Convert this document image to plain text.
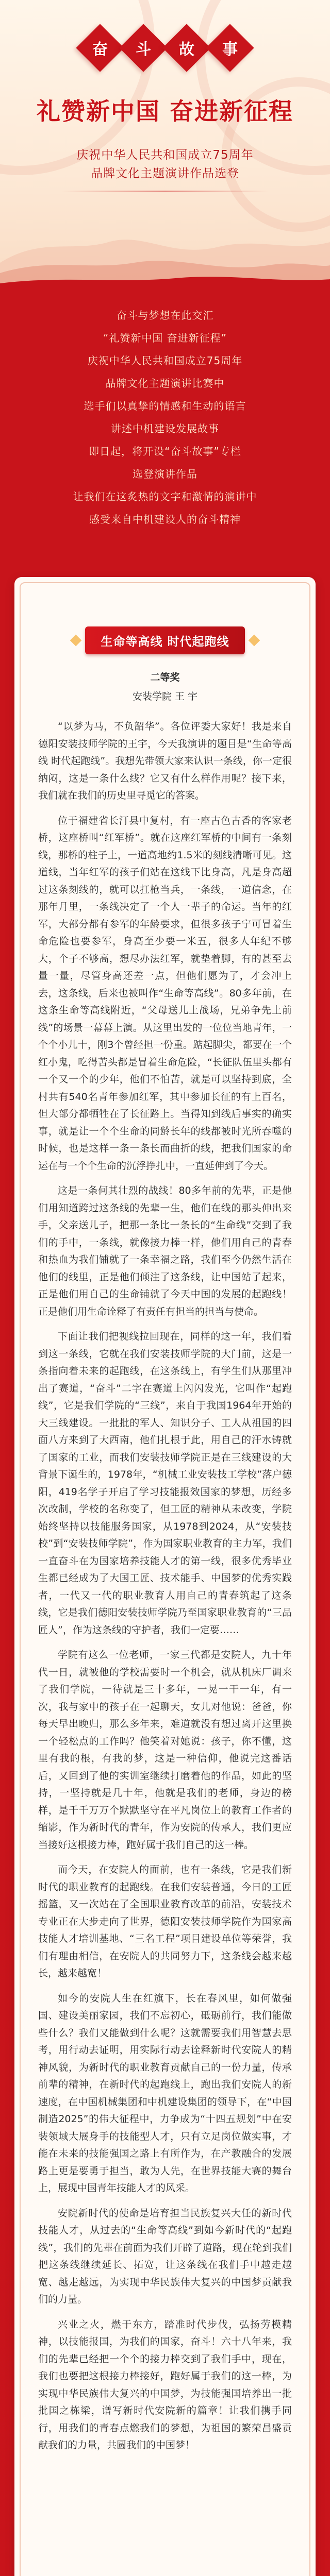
奋 斗 故 事
礼赞新中国 奋进新征程
庆祝中华人民共和国成立75周年
品牌文化主题演讲作品选登
奋斗与梦想在此交汇
“礼赞新中国 奋进新征程”
庆祝中华人民共和国成立75周年
品牌文化主题演讲比赛中
选手们以真挚的情感和生动的语言
讲述中机建设发展故事
即日起，将开设“奋斗故事”专栏
选登演讲作品
让我们在这炙热的文字和激情的演讲中
感受来自中机建设人的奋斗精神
生命等高线 时代起跑线
二等奖
安装学院 王 宇

“以梦为马，不负韶华”。各位评委大家好！我是来自德阳安装技师学院的王宇，今天我演讲的题目是“生命等高线 时代起跑线”。我想先带领大家来认识一条线，你一定很纳闷，这是一条什么线？它又有什么样作用呢？接下来，我们就在我们的历史里寻觅它的答案。

位于福建省长汀县中复村，有一座古色古香的客家老桥，这座桥叫“红军桥”。就在这座红军桥的中间有一条刻线，那桥的柱子上，一道高地约1.5米的刻线清晰可见。这道线，当年红军的孩子们站在这线下比身高，凡是身高超过这条刻线的，就可以扛枪当兵，一条线，一道信念，在那年月里，一条线决定了一个人一辈子的命运。当年的红军，大部分都有参军的年龄要求，但很多孩子宁可冒着生命危险也要参军，身高至少要一米五，很多人年纪不够大，个子不够高，想尽办法红军，就垫着脚，有的甚至去量一量，尽管身高还差一点，但他们愿为了，才会冲上去，这条线，后来也被叫作“生命等高线”。80多年前，在这条生命等高线附近，“父母送儿上战场，兄弟争先上前线”的场景一幕幕上演。从这里出发的一位位当地青年，一个个小儿十，刚3个曾经担一份重。踮起脚尖，都要在一个红小鬼，吃得苦头都是冒着生命危险，“长征队伍里头都有一个又一个的少年，他们不怕苦，就是可以坚持到底，全村共有540名青年参加红军，其中参加长征的有上百名，但大部分都牺牲在了长征路上。当得知到线后事实的确实事，就是让一个个生命的同龄长年的线都被时光所吞噬的时候，也是这样一条一条长而曲折的线，把我们国家的命运在与一个个生命的沉浮挣扎中，一直延伸到了今天。

这是一条何其壮烈的战线！80多年前的先辈，正是他们用知道跨过这条线的先辈一生，他们在线的那头伸出来手，父亲送儿子，把那一条比一条长的“生命线”交到了我们的手中，一条线，就像接力棒一样，他们用自己的青春和热血为我们铺就了一条幸福之路，我们至今仍然生活在他们的线里，正是他们倾注了这条线，让中国站了起来，正是他们用自己的生命铺就了今天中国的发展的起跑线！正是他们用生命诠释了有责任有担当的担当与使命。

下面让我们把视线拉回现在，同样的这一年，我们看到这一条线，它就在我们安装技师学院的大门前，这是一条指向着未来的起跑线，在这条线上，有学生们从那里冲出了赛道，“奋斗”二字在赛道上闪闪发光，它叫作“起跑线”，它是我们学院的“三线”，来自于我国1964年开始的大三线建设。一批批的军人、知识分子、工人从祖国的四面八方来到了大西南，他们扎根于此，用自己的汗水铸就了国家的工业，而我们安装技师学院正是在三线建设的大背景下诞生的，1978年，“机械工业安装技工学校”落户德阳，419名学子开启了学习技能报效国家的梦想，历经多次改制，学校的名称变了，但工匠的精神从未改变，学院始终坚持以技能服务国家，从1978到2024，从“安装技校”到“安装技师学院”，作为国家职业教育的主力军，我们一直奋斗在为国家培养技能人才的第一线，很多优秀毕业生都已经成为了大国工匠、技术能手、中国梦的优秀实践者，一代又一代的职业教育人用自己的青春筑起了这条线，它是我们德阳安装技师学院乃至国家职业教育的“三品匠人”，作为这条线的守护者，我们一定要……

学院有这么一位老师，一家三代都是安院人，九十年代一日，就被他的学校需要时一个机会，就从机床厂调来了我们学院，一待就是三十多年，一晃一干一年，有一次，我与家中的孩子在一起聊天，女儿对他说：爸爸，你每天早出晚归，那么多年来，难道就没有想过离开这里换一个轻松点的工作吗？他笑着对她说：孩子，你不懂，这里有我的根，有我的梦，这是一种信仰，他说完这番话后，又回到了他的实训室继续打磨着他的作品，如此的坚持，一坚持就是几十年，他就是我们的老师，身边的榜样，是千千万万个默默坚守在平凡岗位上的教育工作者的缩影，作为新时代的青年，作为安院的传承人，我们更应当接好这根接力棒，跑好属于我们自己的这一棒。

而今天，在安院人的面前，也有一条线，它是我们新时代的职业教育的起跑线。在我们安装普通，今日的工匠摇篮，又一次站在了全国职业教育改革的前沿，安装技术专业正在大步走向了世界，德阳安装技师学院作为国家高技能人才培训基地、“三名工程”项目建设单位等荣誉，我们有理由相信，在安院人的共同努力下，这条线会越来越长，越来越宽！

如今的安院人生在红旗下，长在春风里，如何做强国、建设美丽家园，我们不忘初心，砥砺前行，我们能做些什么？我们又能做到什么呢？这就需要我们用智慧去思考，用行动去证明，用实际行动去诠释新时代安院人的精神风貌，为新时代的职业教育贡献自己的一份力量，传承前辈的精神，在新时代的起跑线上，跑出我们安院人的新速度，在中国机械集团和中机建设集团的领导下，在“中国制造2025”的伟大征程中，力争成为“十四五规划”中在安装领域大展身手的技能型人才，只有立足岗位做实事，才能在未来的技能强国之路上有所作为，在产教融合的发展路上更是要勇于担当，敢为人先，在世界技能大赛的舞台上，展现中国青年技能人才的风采。

安院新时代的使命是培育担当民族复兴大任的新时代技能人才，从过去的“生命等高线”到如今新时代的“起跑线”，我们的先辈在前面为我们开辟了道路，现在轮到我们把这条线继续延长、拓宽，让这条线在我们手中越走越宽、越走越远，为实现中华民族伟大复兴的中国梦贡献我们的力量。

兴业之火，燃于东方，踏准时代步伐，弘扬劳模精神，以技能报国，为我们的国家，奋斗！六十八年来，我们的先辈已经把一个个的接力棒交到了我们手中，现在，我们也要把这根接力棒接好，跑好属于我们的这一棒，为实现中华民族伟大复兴的中国梦，为技能强国培养出一批批国之栋梁，谱写新时代安院新的篇章！让我们携手同行，用我们的青春点燃我们的梦想，为祖国的繁荣昌盛贡献我们的力量，共圆我们的中国梦！
